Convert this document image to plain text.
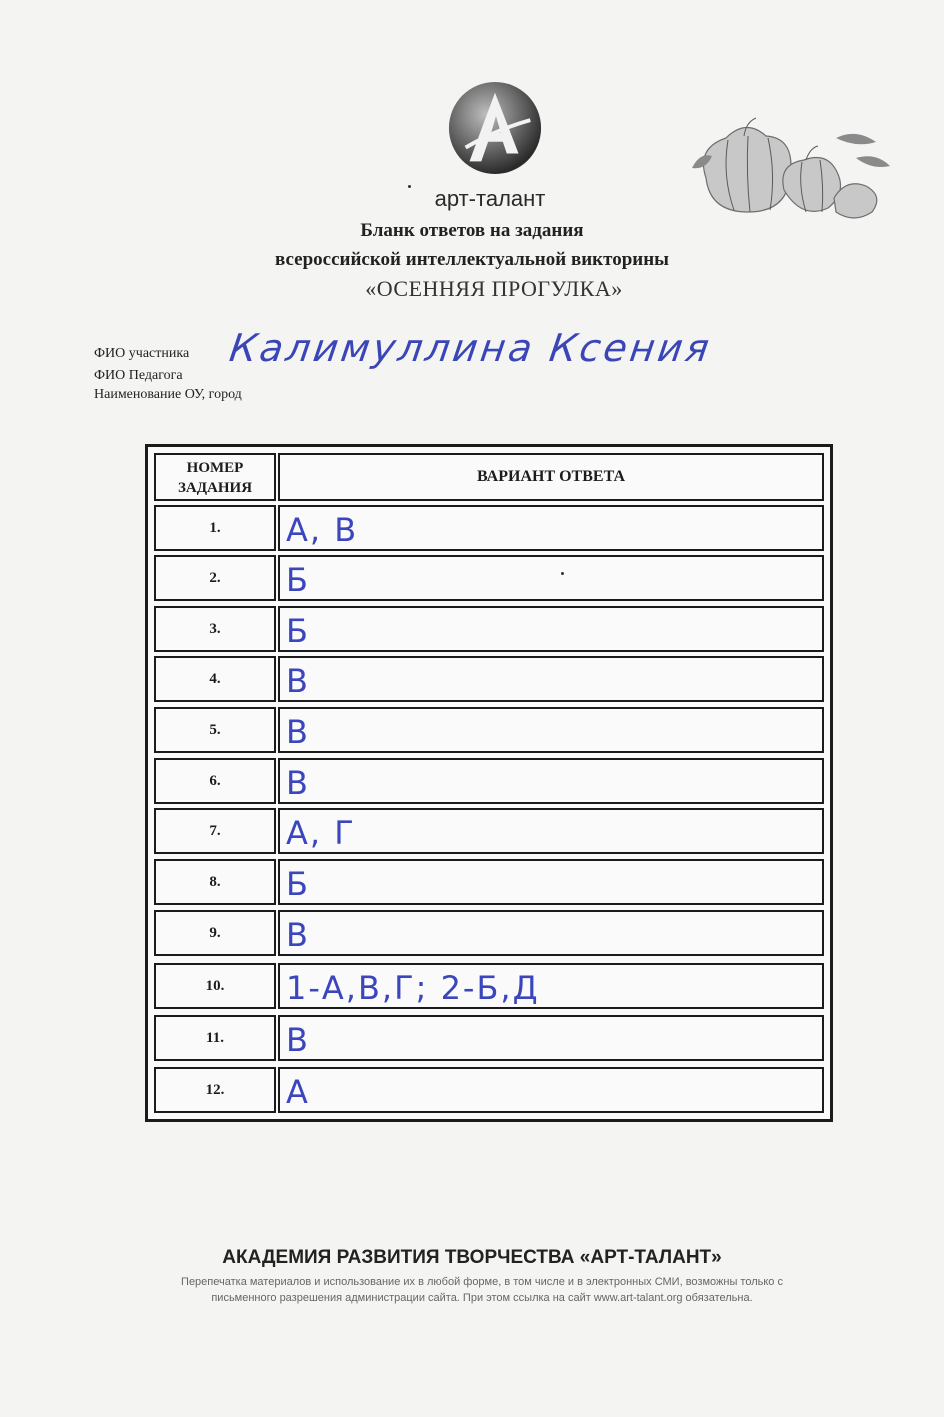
арт-талант
Бланк ответов на задания
всероссийской интеллектуальной викторины
«ОСЕННЯЯ ПРОГУЛКА»
ФИО участника Калимуллина Ксения
ФИО Педагога
Наименование ОУ, город
НОМЕР
ЗАДАНИЯ
ВАРИАНТ ОТВЕТА
1.	А, В
2.	Б
3.	Б
4.	В
5.	В
6.	В
7.	А, Г
8.	Б
9.	В
10.	1-А,В,Г; 2-Б,Д
11.	В
12.	А
АКАДЕМИЯ РАЗВИТИЯ ТВОРЧЕСТВА «АРТ-ТАЛАНТ»
Перепечатка материалов и использование их в любой форме, в том числе и в электронных СМИ, возможны только с
письменного разрешения администрации сайта. При этом ссылка на сайт www.art-talant.org обязательна.
